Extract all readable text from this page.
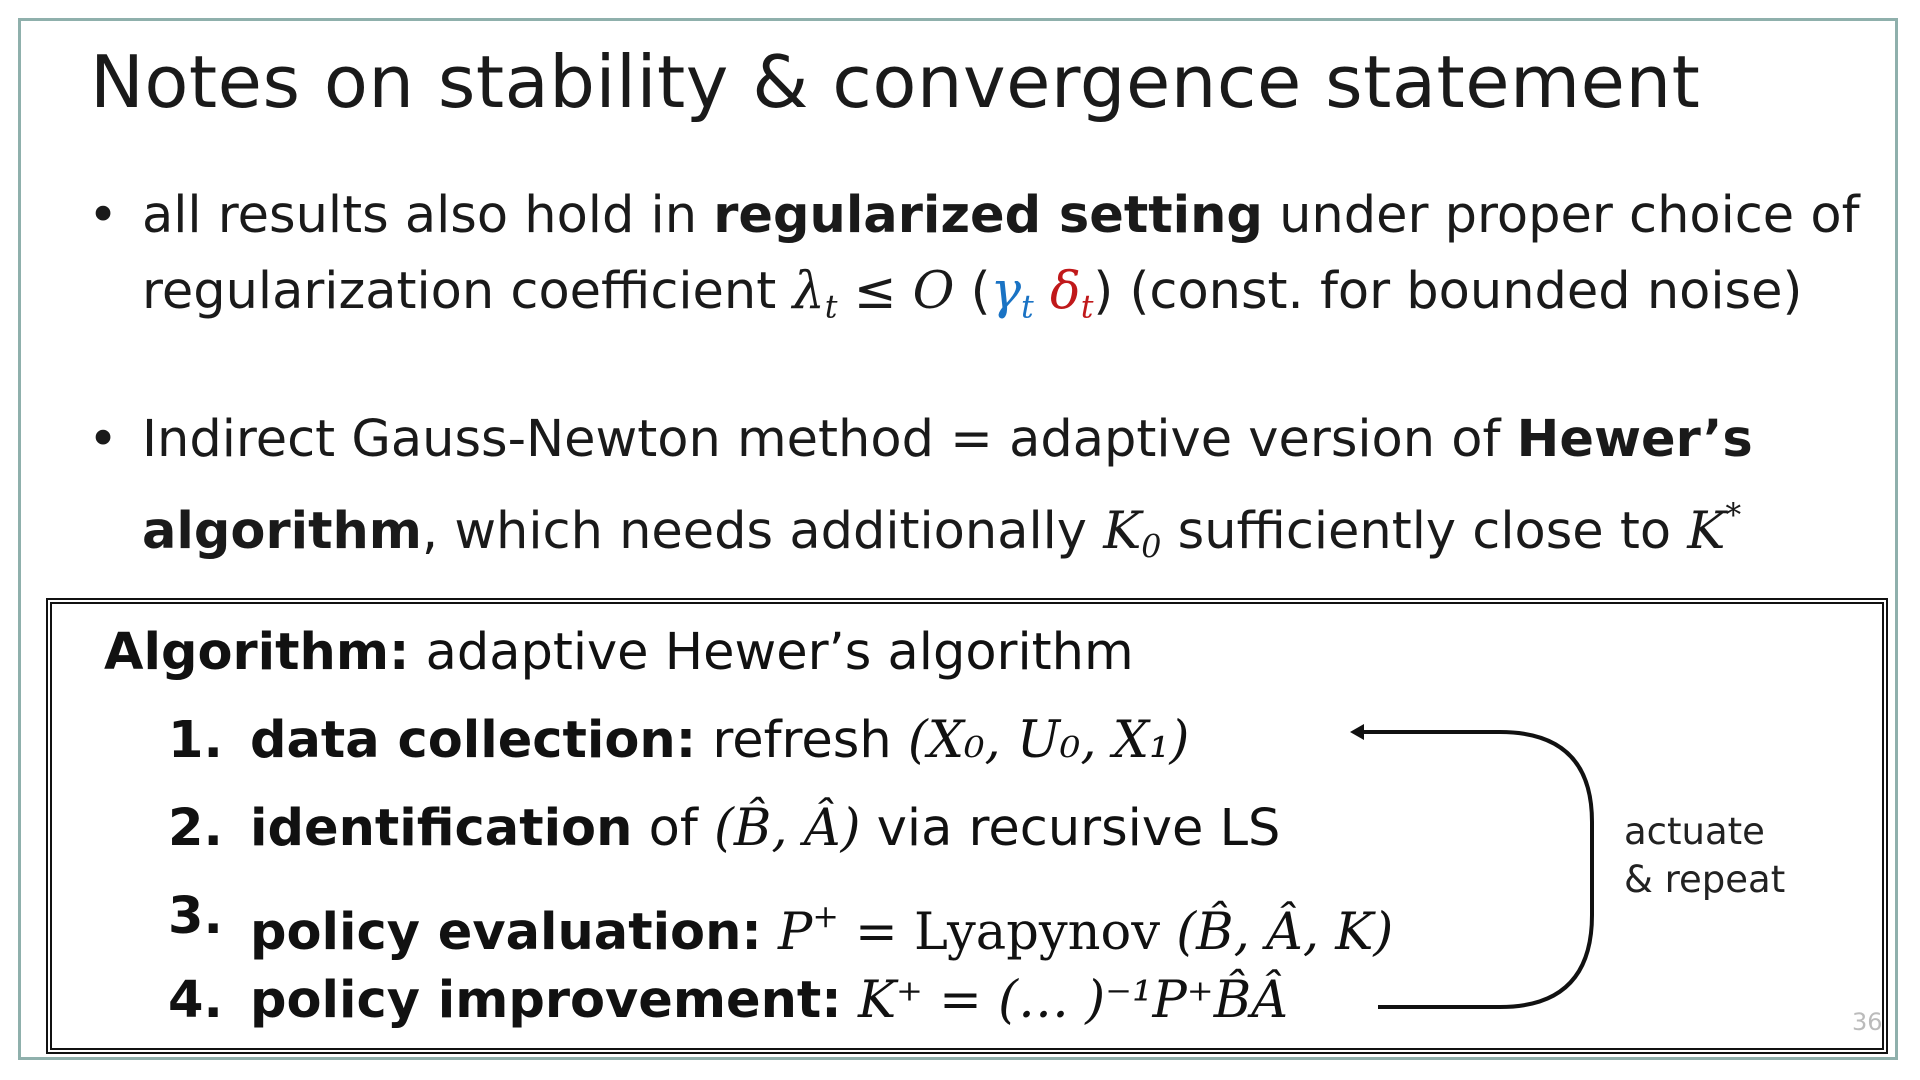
Notes on stability & convergence statement
• all results also hold in regularized setting under proper choice of
regularization coefficient $\lambda_t \le O$ ($\gamma_t$ $\delta_t$) (const. for bounded noise)
• Indirect Gauss-Newton method = adaptive version of Hewer’s
algorithm, which needs additionally $K_0$ sufficiently close to K*
Algorithm: adaptive Hewer’s algorithm
1. data collection: refresh (X₀, U₀, X₁)
2. identification of (B̂, Â) via recursive LS
3. policy evaluation: P+ = Lyapynov (B̂, Â, K)
4. policy improvement: K⁺ = (… )⁻¹P⁺B̂Â
actuate
& repeat
36
